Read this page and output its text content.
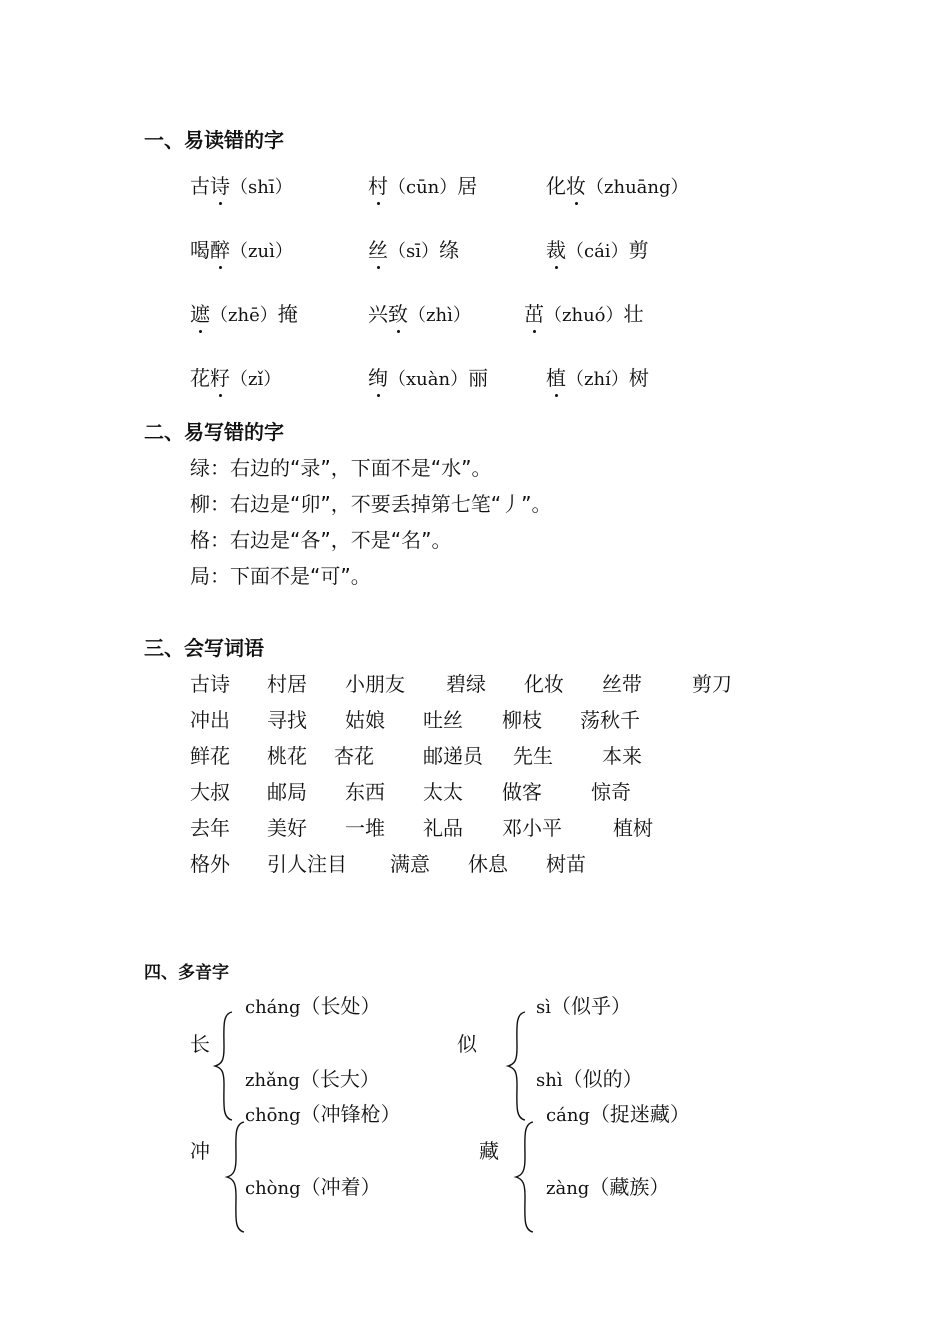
一、易读错的字
古诗（shī）	村（cūn）居	化妆（zhuāng）
喝醉（zuì）	丝（sī）绦	裁（cái）剪
遮（zhē）掩	兴致（zhì）	茁（zhuó）壮
花籽（zǐ）	绚（xuàn）丽	植（zhí）树
二、易写错的字
绿：右边的“录”，下面不是“水”。
柳：右边是“卯”，不要丢掉第七笔“丿”。
格：右边是“各”，不是“名”。
局：下面不是“可”。
三、会写词语
古诗 村居 小朋友 碧绿 化妆 丝带	剪刀
冲出 寻找 姑娘 吐丝 柳枝 荡秋千
鲜花 桃花 杏花 邮递员 先生 本来
大叔 邮局 东西 太太 做客 惊奇
去年 美好 一堆 礼品 邓小平	植树
格外 引人注目 满意 休息 树苗
四、多音字
长
cháng（长处）
zhǎng（长大）
冲
chōng（冲锋枪）
chòng（冲着）
似
sì（似乎）
shì（似的）
藏
cáng（捉迷藏）
zàng（藏族）
